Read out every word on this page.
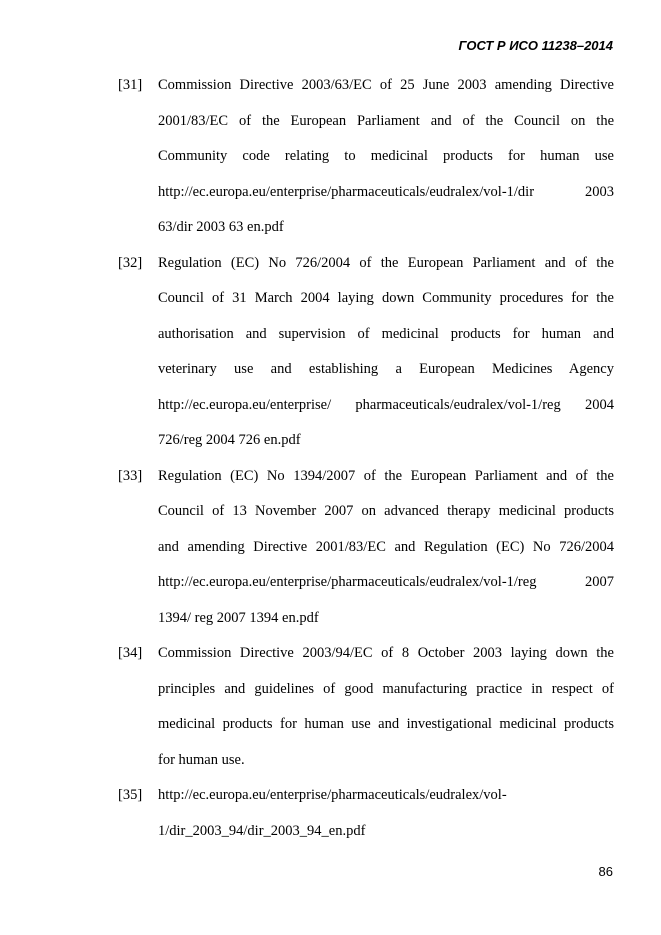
ГОСТ Р ИСО 11238–2014
[31] Commission Directive 2003/63/EC of 25 June 2003 amending Directive
2001/83/EC of the European Parliament and of the Council on the
Community code relating to medicinal products for human use
http://ec.europa.eu/enterprise/pharmaceuticals/eudralex/vol-1/dir 2003
63/dir 2003 63 en.pdf
[32] Regulation (EC) No 726/2004 of the European Parliament and of the
Council of 31 March 2004 laying down Community procedures for the
authorisation and supervision of medicinal products for human and
veterinary use and establishing a European Medicines Agency
http://ec.europa.eu/enterprise/ pharmaceuticals/eudralex/vol-1/reg 2004
726/reg 2004 726 en.pdf
[33] Regulation (EC) No 1394/2007 of the European Parliament and of the
Council of 13 November 2007 on advanced therapy medicinal products
and amending Directive 2001/83/EC and Regulation (EC) No 726/2004
http://ec.europa.eu/enterprise/pharmaceuticals/eudralex/vol-1/reg 2007
1394/ reg 2007 1394 en.pdf
[34] Commission Directive 2003/94/EC of 8 October 2003 laying down the
principles and guidelines of good manufacturing practice in respect of
medicinal products for human use and investigational medicinal products
for human use.
[35] http://ec.europa.eu/enterprise/pharmaceuticals/eudralex/vol-
1/dir_2003_94/dir_2003_94_en.pdf
86
